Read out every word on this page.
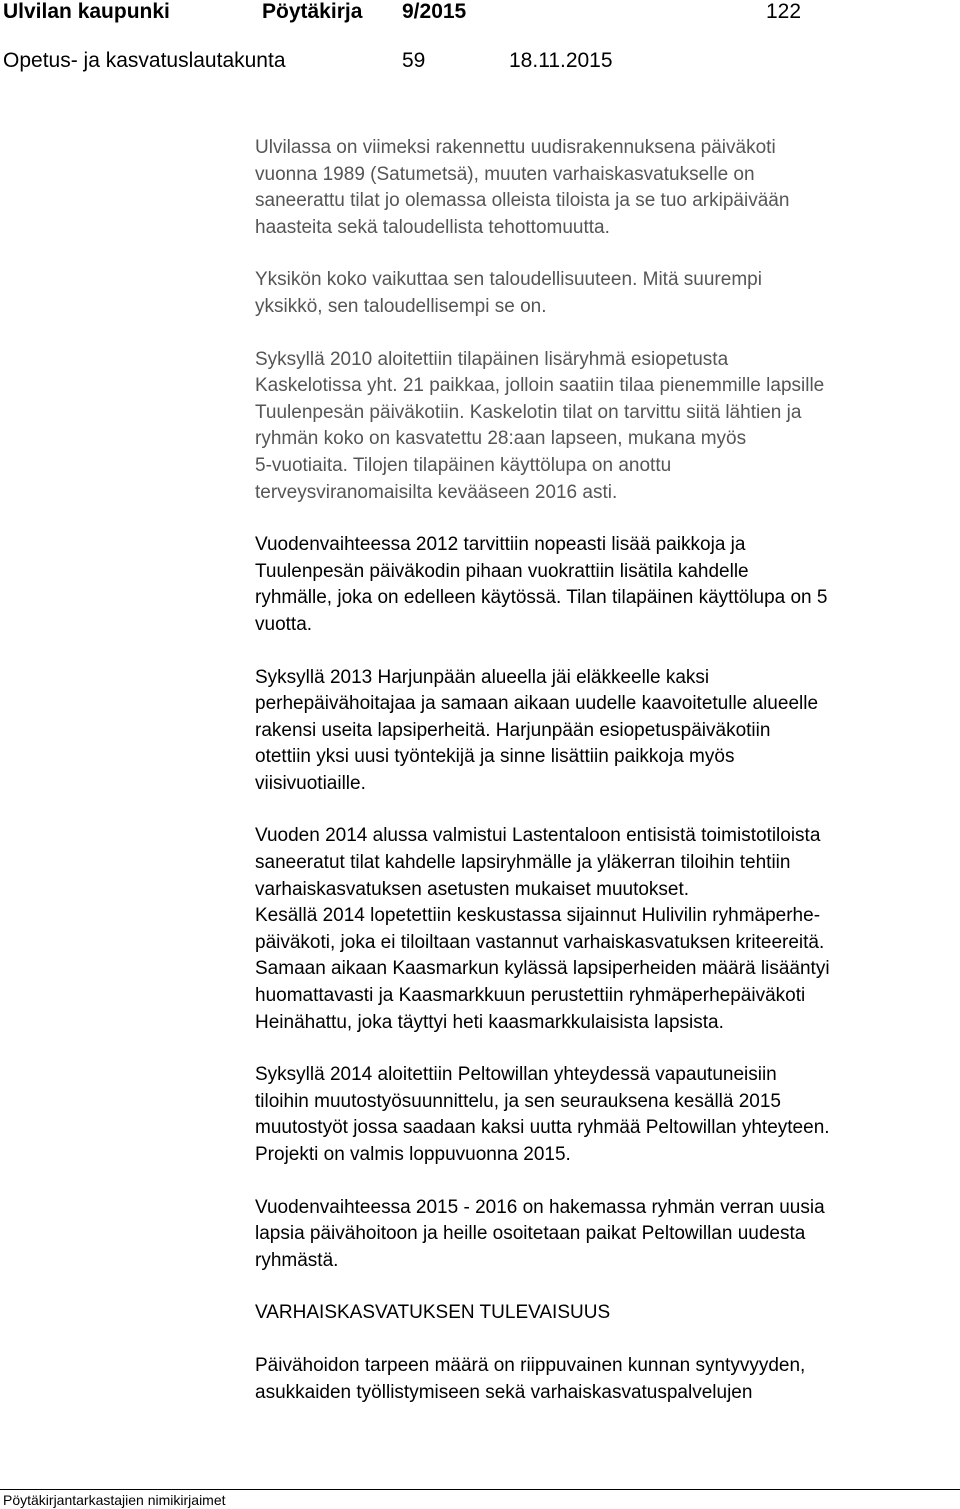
Ulvilan kaupunki	Pöytäkirja 9/2015	122
Opetus- ja kasvatuslautakunta	59	18.11.2015

Ulvilassa on viimeksi rakennettu uudisrakennuksena päiväkoti
vuonna 1989 (Satumetsä), muuten varhaiskasvatukselle on
saneerattu tilat jo olemassa olleista tiloista ja se tuo arkipäivään
haasteita sekä taloudellista tehottomuutta.

Yksikön koko vaikuttaa sen taloudellisuuteen. Mitä suurempi
yksikkö, sen taloudellisempi se on.

Syksyllä 2010 aloitettiin tilapäinen lisäryhmä esiopetusta
Kaskelotissa yht. 21 paikkaa, jolloin saatiin tilaa pienemmille lapsille
Tuulenpesän päiväkotiin. Kaskelotin tilat on tarvittu siitä lähtien ja
ryhmän koko on kasvatettu 28:aan lapseen, mukana myös
5-vuotiaita. Tilojen tilapäinen käyttölupa on anottu
terveysviranomaisilta kevääseen 2016 asti.

Vuodenvaihteessa 2012 tarvittiin nopeasti lisää paikkoja ja
Tuulenpesän päiväkodin pihaan vuokrattiin lisätila kahdelle
ryhmälle, joka on edelleen käytössä. Tilan tilapäinen käyttölupa on 5
vuotta.

Syksyllä 2013 Harjunpään alueella jäi eläkkeelle kaksi
perhepäivähoitajaa ja samaan aikaan uudelle kaavoitetulle alueelle
rakensi useita lapsiperheitä. Harjunpään esiopetuspäiväkotiin
otettiin yksi uusi työntekijä ja sinne lisättiin paikkoja myös
viisivuotiaille.

Vuoden 2014 alussa valmistui Lastentaloon entisistä toimistotiloista
saneeratut tilat kahdelle lapsiryhmälle ja yläkerran tiloihin tehtiin
varhaiskasvatuksen asetusten mukaiset muutokset.
Kesällä 2014 lopetettiin keskustassa sijainnut Hulivilin ryhmäperhe-
päiväkoti, joka ei tiloiltaan vastannut varhaiskasvatuksen kriteereitä.
Samaan aikaan Kaasmarkun kylässä lapsiperheiden määrä lisääntyi
huomattavasti ja Kaasmarkkuun perustettiin ryhmäperhepäiväkoti
Heinähattu, joka täyttyi heti kaasmarkkulaisista lapsista.

Syksyllä 2014 aloitettiin Peltowillan yhteydessä vapautuneisiin
tiloihin muutostyösuunnittelu, ja sen seurauksena kesällä 2015
muutostyöt jossa saadaan kaksi uutta ryhmää Peltowillan yhteyteen.
Projekti on valmis loppuvuonna 2015.

Vuodenvaihteessa 2015 - 2016 on hakemassa ryhmän verran uusia
lapsia päivähoitoon ja heille osoitetaan paikat Peltowillan uudesta
ryhmästä.

VARHAISKASVATUKSEN TULEVAISUUS

Päivähoidon tarpeen määrä on riippuvainen kunnan syntyvyyden,
asukkaiden työllistymiseen sekä varhaiskasvatuspalvelujen

Pöytäkirjantarkastajien nimikirjaimet
